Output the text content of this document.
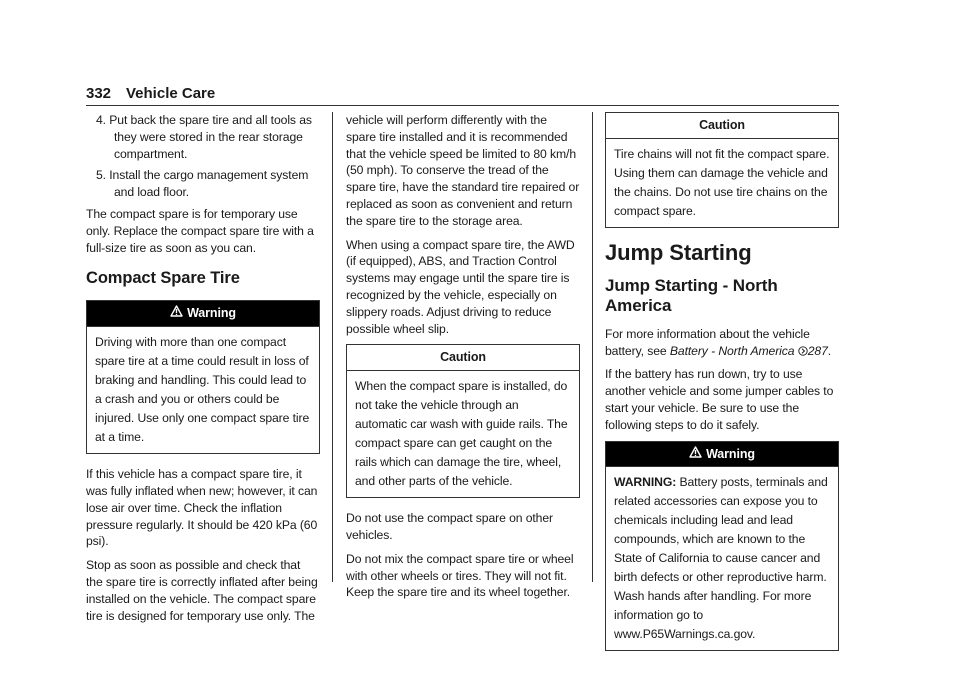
332 Vehicle Care

4. Put back the spare tire and all tools as they were stored in the rear storage compartment.

5. Install the cargo management system and load floor.

The compact spare is for temporary use only. Replace the compact spare tire with a full-size tire as soon as you can.

Compact Spare Tire
Warning
Driving with more than one compact spare tire at a time could result in loss of braking and handling. This could lead to a crash and you or others could be injured. Use only one compact spare tire at a time.

If this vehicle has a compact spare tire, it was fully inflated when new; however, it can lose air over time. Check the inflation pressure regularly. It should be 420 kPa (60 psi).

Stop as soon as possible and check that the spare tire is correctly inflated after being installed on the vehicle. The compact spare tire is designed for temporary use only. The

vehicle will perform differently with the spare tire installed and it is recommended that the vehicle speed be limited to 80 km/h (50 mph). To conserve the tread of the spare tire, have the standard tire repaired or replaced as soon as convenient and return the spare tire to the storage area.

When using a compact spare tire, the AWD (if equipped), ABS, and Traction Control systems may engage until the spare tire is recognized by the vehicle, especially on slippery roads. Adjust driving to reduce possible wheel slip.

Caution
When the compact spare is installed, do not take the vehicle through an automatic car wash with guide rails. The compact spare can get caught on the rails which can damage the tire, wheel, and other parts of the vehicle.

Do not use the compact spare on other vehicles.

Do not mix the compact spare tire or wheel with other wheels or tires. They will not fit. Keep the spare tire and its wheel together.

Caution
Tire chains will not fit the compact spare. Using them can damage the vehicle and the chains. Do not use tire chains on the compact spare.
Jump Starting
Jump Starting - North America

For more information about the vehicle battery, see Battery - North America 287.

If the battery has run down, try to use another vehicle and some jumper cables to start your vehicle. Be sure to use the following steps to do it safely.

Warning
WARNING: Battery posts, terminals and related accessories can expose you to chemicals including lead and lead compounds, which are known to the State of California to cause cancer and birth defects or other reproductive harm. Wash hands after handling. For more information go to www.P65Warnings.ca.gov.
